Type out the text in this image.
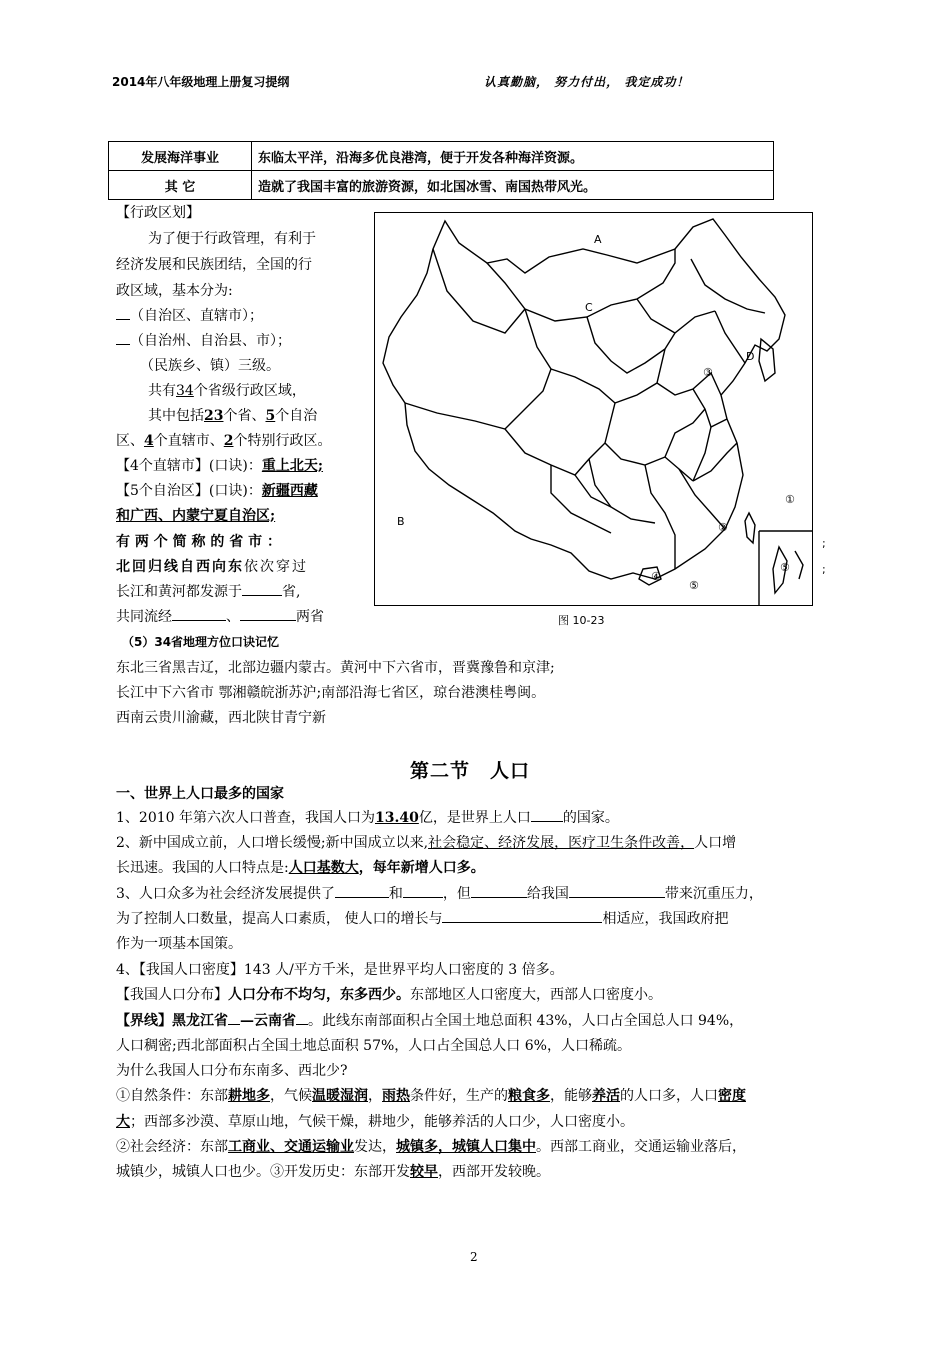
2014年八年级地理上册复习提纲	认真勤脑， 努力付出， 我定成功！
发展海洋事业	东临太平洋，沿海多优良港湾，便于开发各种海洋资源。
其 它	造就了我国丰富的旅游资源，如北国冰雪、南国热带风光。
【行政区划】
为了便于行政管理，有利于
经济发展和民族团结，全国的行
政区域，基本分为:
（自治区、直辖市）；
（自治州、自治县、市）；
（民族乡、镇）三级。
共有34个省级行政区域，
其中包括23个省、5个自治
区、4个直辖市、2个特别行政区。
【4个直辖市】(口诀)：重上北天;
【5个自治区】(口诀)：新疆西藏
和广西、内蒙宁夏自治区;
有 两 个 简 称 的 省 市 ：
北回归线自西向东依次穿过
长江和黄河都发源于	省,
共同流经	、	两省
A
C
D
③
B
①
②
④
⑤
⑤
;
;
图 10-23
（5）34省地理方位口诀记忆
东北三省黑吉辽，北部边疆内蒙古。黄河中下六省市，晋冀豫鲁和京津;
长江中下六省市 鄂湘赣皖浙苏沪;南部沿海七省区，琼台港澳桂粤闽。
西南云贵川渝藏，西北陕甘青宁新
第二节　人口
一、世界上人口最多的国家
1、2010 年第六次人口普查，我国人口为13.40亿，是世界上人口 的国家。
2、新中国成立前，人口增长缓慢;新中国成立以来,社会稳定、经济发展，医疗卫生条件改善，人口增
长迅速。我国的人口特点是:人口基数大，每年新增人口多。
3、人口众多为社会经济发展提供了	和	，但	给我国	带来沉重压力，
为了控制人口数量，提高人口素质， 使人口的增长与	相适应，我国政府把
作为一项基本国策。
4、【我国人口密度】143 人/平方千米，是世界平均人口密度的 3 倍多。
【我国人口分布】人口分布不均匀，东多西少。东部地区人口密度大，西部人口密度小。
【界线】黑龙江省 —云南省 。此线东南部面积占全国土地总面积 43%，人口占全国总人口 94%，
人口稠密;西北部面积占全国土地总面积 57%，人口占全国总人口 6%，人口稀疏。
为什么我国人口分布东南多、西北少?
①自然条件：东部耕地多，气候温暖湿润，雨热条件好，生产的粮食多，能够养活的人口多，人口密度
大；西部多沙漠、草原山地，气候干燥，耕地少，能够养活的人口少，人口密度小。
②社会经济：东部工商业、交通运输业发达，城镇多，城镇人口集中。西部工商业，交通运输业落后，
城镇少，城镇人口也少。③开发历史：东部开发较早，西部开发较晚。
2
